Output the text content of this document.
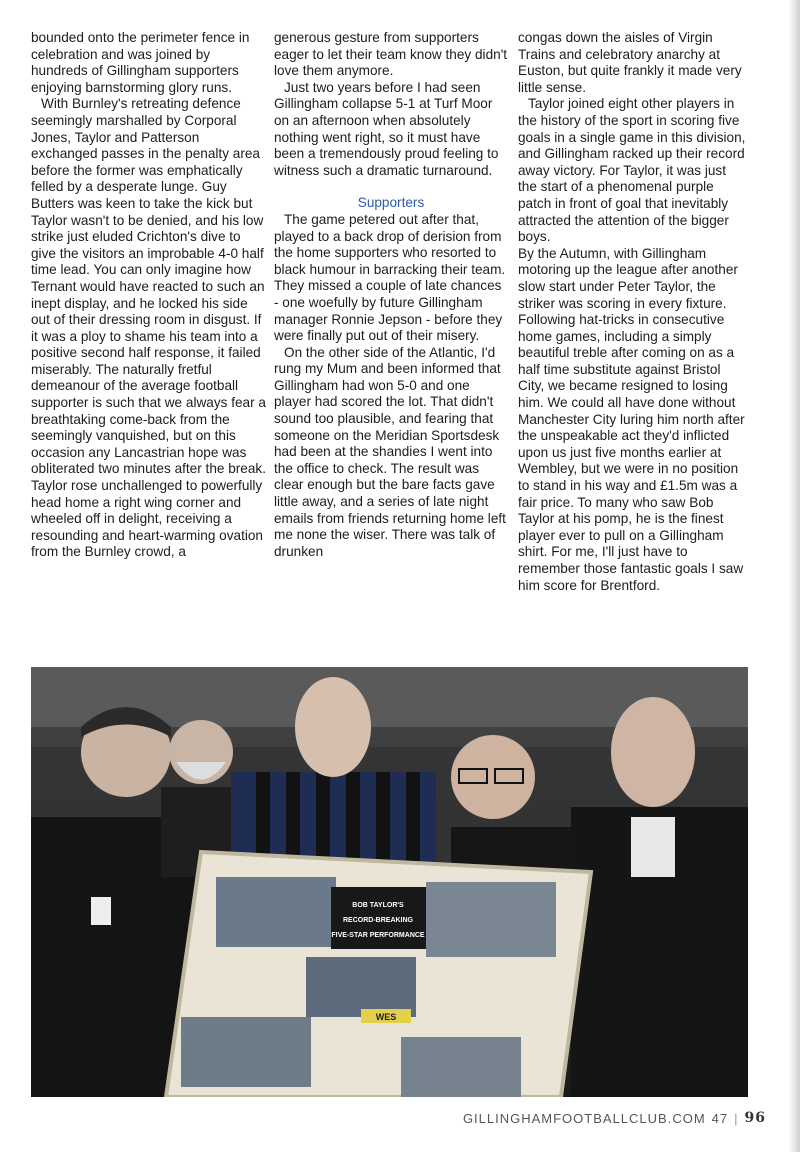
bounded onto the perimeter fence in celebration and was joined by hundreds of Gillingham supporters enjoying barnstorming glory runs.

With Burnley's retreating defence seemingly marshalled by Corporal Jones, Taylor and Patterson exchanged passes in the penalty area before the former was emphatically felled by a desperate lunge. Guy Butters was keen to take the kick but Taylor wasn't to be denied, and his low strike just eluded Crichton's dive to give the visitors an improbable 4-0 half time lead. You can only imagine how Ternant would have reacted to such an inept display, and he locked his side out of their dressing room in disgust. If it was a ploy to shame his team into a positive second half response, it failed miserably. The naturally fretful demeanour of the average football supporter is such that we always fear a breathtaking come-back from the seemingly vanquished, but on this occasion any Lancastrian hope was obliterated two minutes after the break. Taylor rose unchallenged to powerfully head home a right wing corner and wheeled off in delight, receiving a resounding and heart-warming ovation from the Burnley crowd, a

generous gesture from supporters eager to let their team know they didn't love them anymore.

Just two years before I had seen Gillingham collapse 5-1 at Turf Moor on an afternoon when absolutely nothing went right, so it must have been a tremendously proud feeling to witness such a dramatic turnaround.

Supporters

The game petered out after that, played to a back drop of derision from the home supporters who resorted to black humour in barracking their team. They missed a couple of late chances - one woefully by future Gillingham manager Ronnie Jepson - before they were finally put out of their misery.

On the other side of the Atlantic, I'd rung my Mum and been informed that Gillingham had won 5-0 and one player had scored the lot. That didn't sound too plausible, and fearing that someone on the Meridian Sportsdesk had been at the shandies I went into the office to check. The result was clear enough but the bare facts gave little away, and a series of late night emails from friends returning home left me none the wiser. There was talk of drunken

congas down the aisles of Virgin Trains and celebratory anarchy at Euston, but quite frankly it made very little sense.

Taylor joined eight other players in the history of the sport in scoring five goals in a single game in this division, and Gillingham racked up their record away victory. For Taylor, it was just the start of a phenomenal purple patch in front of goal that inevitably attracted the attention of the bigger boys.

By the Autumn, with Gillingham motoring up the league after another slow start under Peter Taylor, the striker was scoring in every fixture. Following hat-tricks in consecutive home games, including a simply beautiful treble after coming on as a half time substitute against Bristol City, we became resigned to losing him. We could all have done without Manchester City luring him north after the unspeakable act they'd inflicted upon us just five months earlier at Wembley, but we were in no position to stand in his way and £1.5m was a fair price. To many who saw Bob Taylor at his pomp, he is the finest player ever to pull on a Gillingham shirt. For me, I'll just have to remember those fantastic goals I saw him score for Brentford.

BOB TAYLOR'S
RECORD-BREAKING
FIVE-STAR PERFORMANCE
WES
GILLINGHAMFOOTBALLCLUB.COM 47 | 96
